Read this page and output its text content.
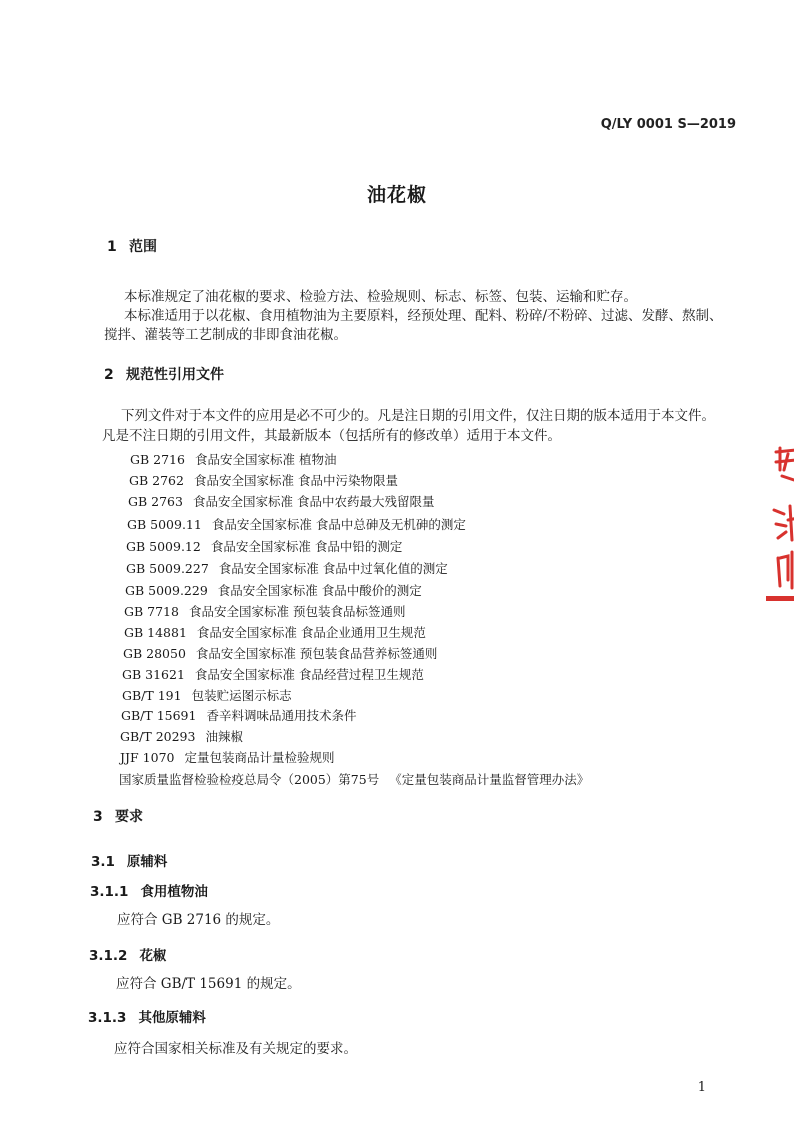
Q/LY 0001 S—2019
油花椒
1 范围
本标准规定了油花椒的要求、检验方法、检验规则、标志、标签、包装、运输和贮存。
本标准适用于以花椒、食用植物油为主要原料，经预处理、配料、粉碎/不粉碎、过滤、发酵、熬制、
搅拌、灌装等工艺制成的非即食油花椒。
2 规范性引用文件
下列文件对于本文件的应用是必不可少的。凡是注日期的引用文件，仅注日期的版本适用于本文件。
凡是不注日期的引用文件，其最新版本（包括所有的修改单）适用于本文件。
GB 2716 食品安全国家标准 植物油
GB 2762 食品安全国家标准 食品中污染物限量
GB 2763 食品安全国家标准 食品中农药最大残留限量
GB 5009.11 食品安全国家标准 食品中总砷及无机砷的测定
GB 5009.12 食品安全国家标准 食品中铅的测定
GB 5009.227 食品安全国家标准 食品中过氧化值的测定
GB 5009.229 食品安全国家标准 食品中酸价的测定
GB 7718 食品安全国家标准 预包装食品标签通则
GB 14881 食品安全国家标准 食品企业通用卫生规范
GB 28050 食品安全国家标准 预包装食品营养标签通则
GB 31621 食品安全国家标准 食品经营过程卫生规范
GB/T 191 包装贮运图示标志
GB/T 15691 香辛料调味品通用技术条件
GB/T 20293 油辣椒
JJF 1070 定量包装商品计量检验规则
国家质量监督检验检疫总局令（2005）第75号 《定量包装商品计量监督管理办法》
3 要求
3.1 原辅料
3.1.1 食用植物油
应符合 GB 2716 的规定。
3.1.2 花椒
应符合 GB/T 15691 的规定。
3.1.3 其他原辅料
应符合国家相关标准及有关规定的要求。
1
